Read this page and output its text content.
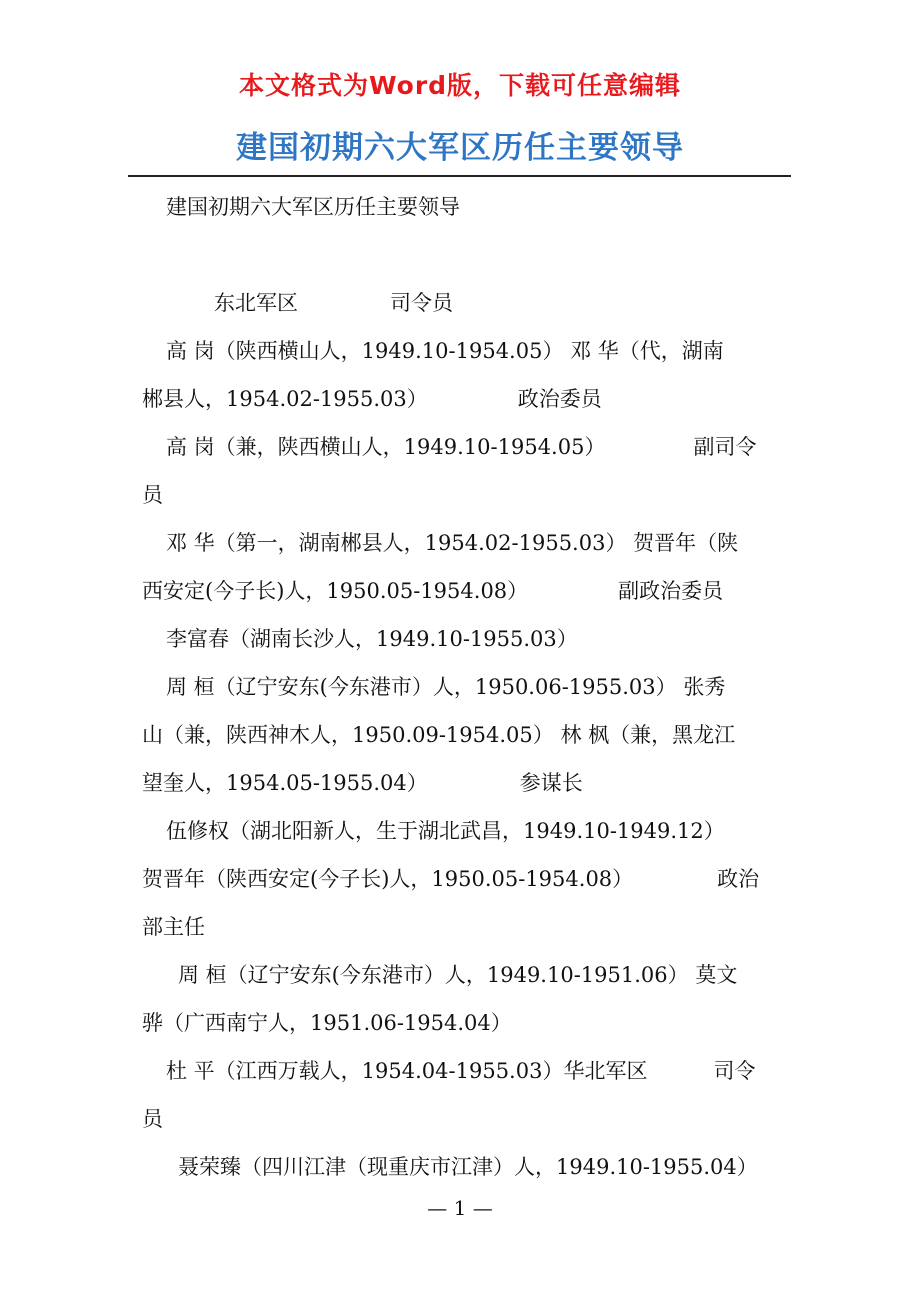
本文格式为Word版，下载可任意编辑
建国初期六大军区历任主要领导
建国初期六大军区历任主要领导
东北军区	司令员
高 岗（陕西横山人，1949.10-1954.05） 邓 华（代，湖南
郴县人，1954.02-1955.03）	政治委员
高 岗（兼，陕西横山人，1949.10-1954.05）	副司令
员
邓 华（第一，湖南郴县人，1954.02-1955.03） 贺晋年（陕
西安定(今子长)人，1950.05-1954.08）	副政治委员
李富春（湖南长沙人，1949.10-1955.03）
周 桓（辽宁安东(今东港市）人，1950.06-1955.03） 张秀
山（兼，陕西神木人，1950.09-1954.05） 林 枫（兼，黑龙江
望奎人，1954.05-1955.04）	参谋长
伍修权（湖北阳新人，生于湖北武昌，1949.10-1949.12）
贺晋年（陕西安定(今子长)人，1950.05-1954.08）	政治
部主任
周 桓（辽宁安东(今东港市）人，1949.10-1951.06） 莫文
骅（广西南宁人，1951.06-1954.04）
杜 平（江西万载人，1954.04-1955.03）华北军区	司令
员
聂荣臻（四川江津（现重庆市江津）人，1949.10-1955.04）
— 1 —
